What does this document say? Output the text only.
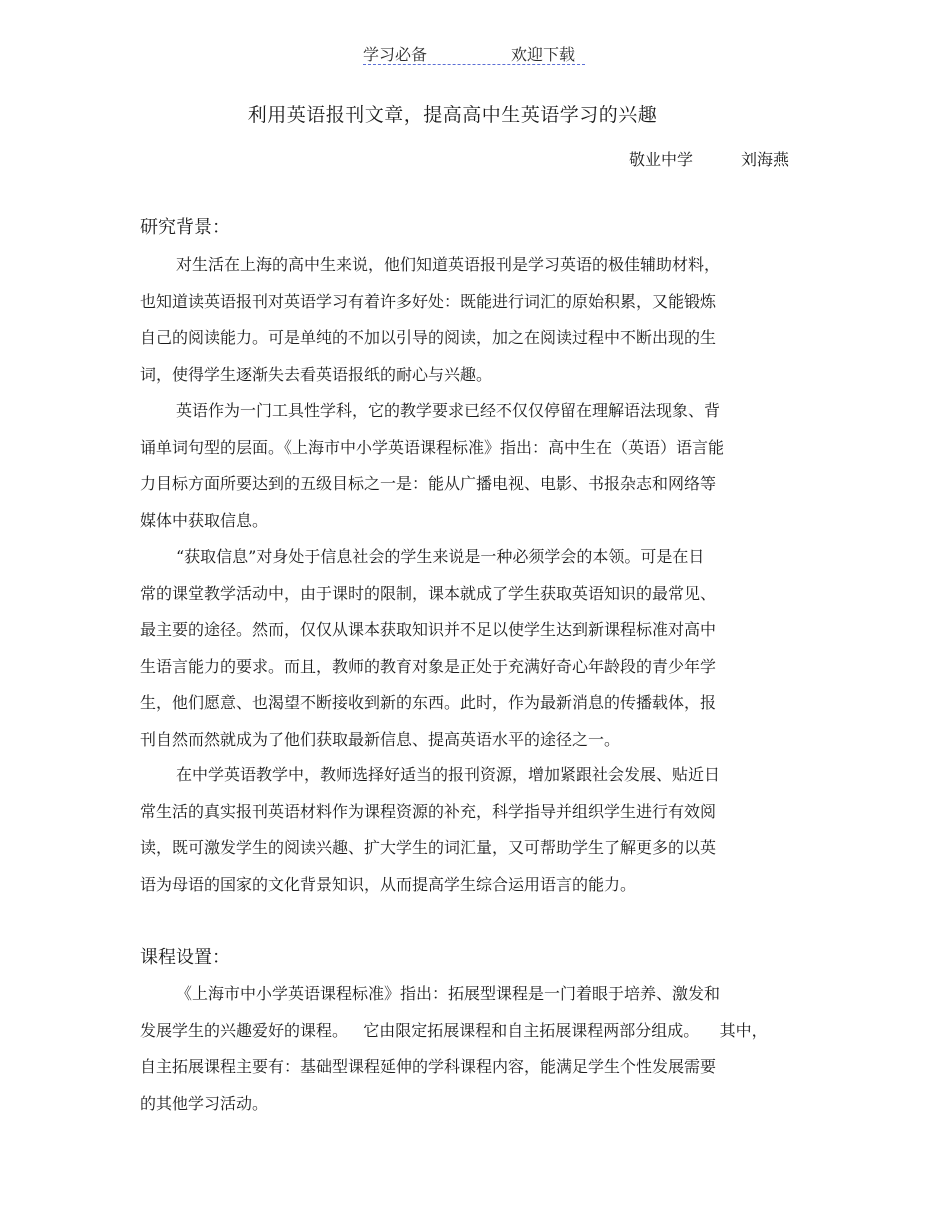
学习必备	欢迎下载
利用英语报刊文章，提高高中生英语学习的兴趣
敬业中学	刘海燕
研究背景：
对生活在上海的高中生来说，他们知道英语报刊是学习英语的极佳辅助材料，
也知道读英语报刊对英语学习有着许多好处：既能进行词汇的原始积累，又能锻炼
自己的阅读能力。可是单纯的不加以引导的阅读，加之在阅读过程中不断出现的生
词，使得学生逐渐失去看英语报纸的耐心与兴趣。
英语作为一门工具性学科，它的教学要求已经不仅仅停留在理解语法现象、背
诵单词句型的层面。《上海市中小学英语课程标准》指出：高中生在（英语）语言能
力目标方面所要达到的五级目标之一是：能从广播电视、电影、书报杂志和网络等
媒体中获取信息。
“获取信息”对身处于信息社会的学生来说是一种必须学会的本领。可是在日
常的课堂教学活动中，由于课时的限制，课本就成了学生获取英语知识的最常见、
最主要的途径。然而，仅仅从课本获取知识并不足以使学生达到新课程标准对高中
生语言能力的要求。而且，教师的教育对象是正处于充满好奇心年龄段的青少年学
生，他们愿意、也渴望不断接收到新的东西。此时，作为最新消息的传播载体，报
刊自然而然就成为了他们获取最新信息、提高英语水平的途径之一。
在中学英语教学中，教师选择好适当的报刊资源，增加紧跟社会发展、贴近日
常生活的真实报刊英语材料作为课程资源的补充，科学指导并组织学生进行有效阅
读，既可激发学生的阅读兴趣、扩大学生的词汇量，又可帮助学生了解更多的以英
语为母语的国家的文化背景知识，从而提高学生综合运用语言的能力。
课程设置：
《上海市中小学英语课程标准》指出：拓展型课程是一门着眼于培养、激发和
发展学生的兴趣爱好的课程。   它由限定拓展课程和自主拓展课程两部分组成。    其中，
自主拓展课程主要有：基础型课程延伸的学科课程内容，能满足学生个性发展需要
的其他学习活动。
